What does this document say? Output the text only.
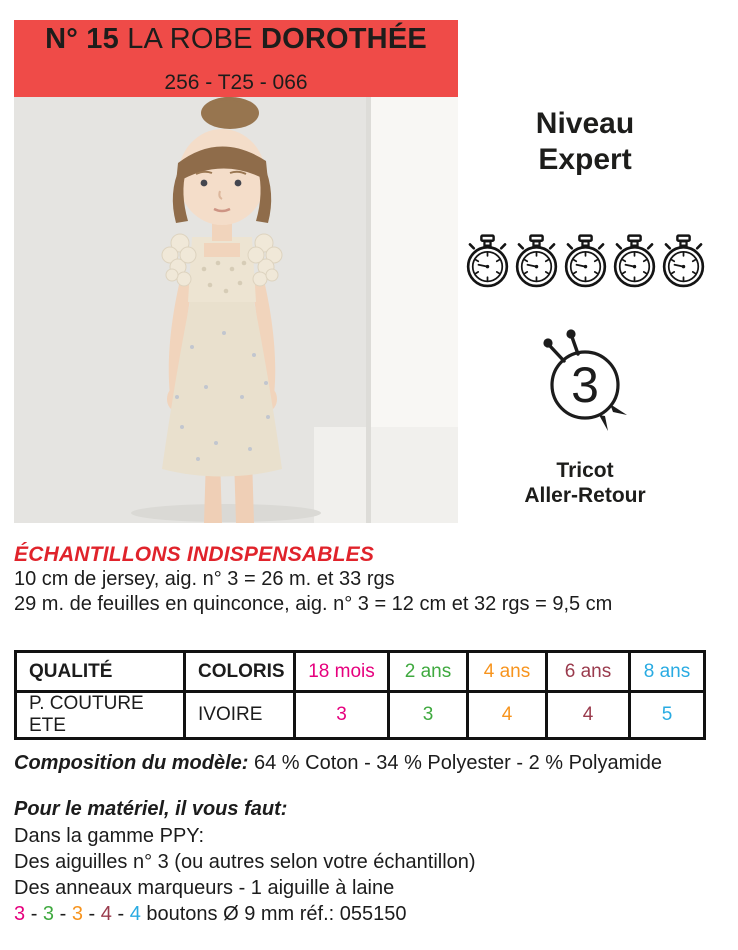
N° 15 LA ROBE DOROTHÉE
256 - T25 - 066
Niveau
Expert
Tricot
Aller-Retour
ÉCHANTILLONS INDISPENSABLES
10 cm de jersey, aig. n° 3 = 26 m. et 33 rgs
29 m. de feuilles en quinconce, aig. n° 3 = 12 cm et 32 rgs = 9,5 cm
QUALITÉ	COLORIS	18 mois	2 ans	4 ans	6 ans	8 ans
P. COUTURE ETE	IVOIRE	3	3	4	4	5
Composition du modèle: 64 % Coton - 34 % Polyester - 2 % Polyamide
Pour le matériel, il vous faut:
Dans la gamme PPY:
Des aiguilles n° 3 (ou autres selon votre échantillon)
Des anneaux marqueurs - 1 aiguille à laine
3 - 3 - 3 - 4 - 4 boutons Ø 9 mm réf.: 055150
